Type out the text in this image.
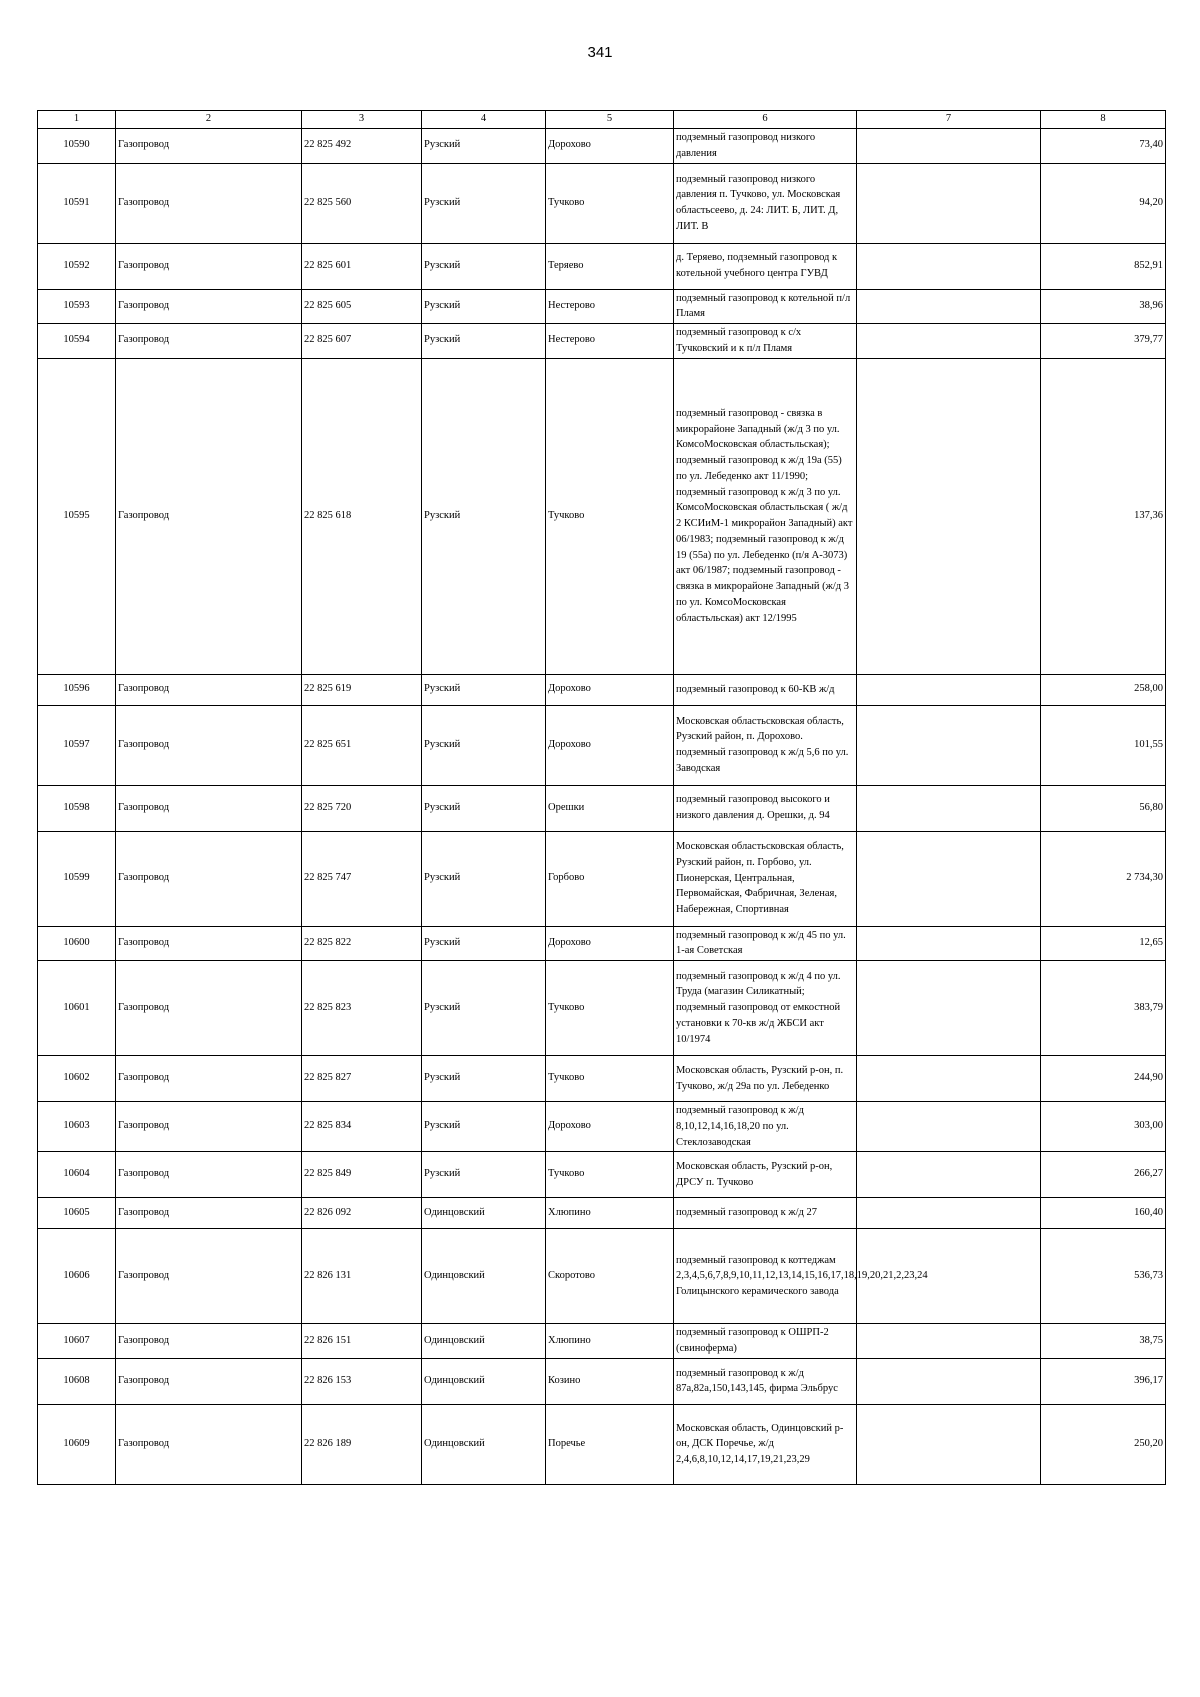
341
1	2	3	4	5	6	7	8
10590	Газопровод	22 825 492	Рузский	Дорохово	подземный газопровод низкого давления		73,40
10591	Газопровод	22 825 560	Рузский	Тучково	подземный газопровод низкого давления п. Тучково, ул. Московская областьсеево, д. 24: ЛИТ. Б, ЛИТ. Д, ЛИТ. В		94,20
10592	Газопровод	22 825 601	Рузский	Теряево	д. Теряево, подземный газопровод к котельной учебного центра ГУВД		852,91
10593	Газопровод	22 825 605	Рузский	Нестерово	подземный газопровод к котельной п/л Пламя		38,96
10594	Газопровод	22 825 607	Рузский	Нестерово	подземный газопровод к с/х Тучковский и к п/л Пламя		379,77
10595	Газопровод	22 825 618	Рузский	Тучково	подземный газопровод - связка в микрорайоне Западный (ж/д 3 по ул. КомсоМосковская областьльская); подземный газопровод к ж/д 19а (55) по ул. Лебеденко акт 11/1990; подземный газопровод к ж/д 3 по ул. КомсоМосковская областьльская ( ж/д 2 КСИиМ-1 микрорайон Западный) акт 06/1983; подземный газопровод к ж/д 19 (55а) по ул. Лебеденко (п/я А-3073) акт 06/1987; подземный газопровод - связка в микрорайоне Западный (ж/д 3 по ул. КомсоМосковская областьльская) акт 12/1995		137,36
10596	Газопровод	22 825 619	Рузский	Дорохово	подземный газопровод к 60-КВ ж/д		258,00
10597	Газопровод	22 825 651	Рузский	Дорохово	Московская областьсковская область, Рузский район, п. Дорохово. подземный газопровод к ж/д 5,6 по ул. Заводская		101,55
10598	Газопровод	22 825 720	Рузский	Орешки	подземный газопровод высокого и низкого давления д. Орешки, д. 94		56,80
10599	Газопровод	22 825 747	Рузский	Горбово	Московская областьсковская область, Рузский район, п. Горбово, ул. Пионерская, Центральная, Первомайская, Фабричная, Зеленая, Набережная, Спортивная		2 734,30
10600	Газопровод	22 825 822	Рузский	Дорохово	подземный газопровод к ж/д 45 по ул. 1-ая Советская		12,65
10601	Газопровод	22 825 823	Рузский	Тучково	подземный газопровод к ж/д 4 по ул. Труда (магазин Силикатный; подземный газопровод от емкостной установки к 70-кв ж/д ЖБСИ акт 10/1974		383,79
10602	Газопровод	22 825 827	Рузский	Тучково	Московская область, Рузский р-он, п. Тучково, ж/д 29а по ул. Лебеденко		244,90
10603	Газопровод	22 825 834	Рузский	Дорохово	подземный газопровод к ж/д 8,10,12,14,16,18,20 по ул. Стеклозаводская		303,00
10604	Газопровод	22 825 849	Рузский	Тучково	Московская область, Рузский р-он, ДРСУ п. Тучково		266,27
10605	Газопровод	22 826 092	Одинцовский	Хлюпино	подземный газопровод к ж/д 27		160,40
10606	Газопровод	22 826 131	Одинцовский	Скоротово	подземный газопровод к коттеджам 2,3,4,5,6,7,8,9,10,11,12,13,14,15,16,17,18,19,20,21,2,23,24 Голицынского керамического завода		536,73
10607	Газопровод	22 826 151	Одинцовский	Хлюпино	подземный газопровод к ОШРП-2 (свиноферма)		38,75
10608	Газопровод	22 826 153	Одинцовский	Козино	подземный газопровод к ж/д 87а,82а,150,143,145, фирма Эльбрус		396,17
10609	Газопровод	22 826 189	Одинцовский	Поречье	Московская область, Одинцовский р-он, ДСК Поречье, ж/д 2,4,6,8,10,12,14,17,19,21,23,29		250,20
